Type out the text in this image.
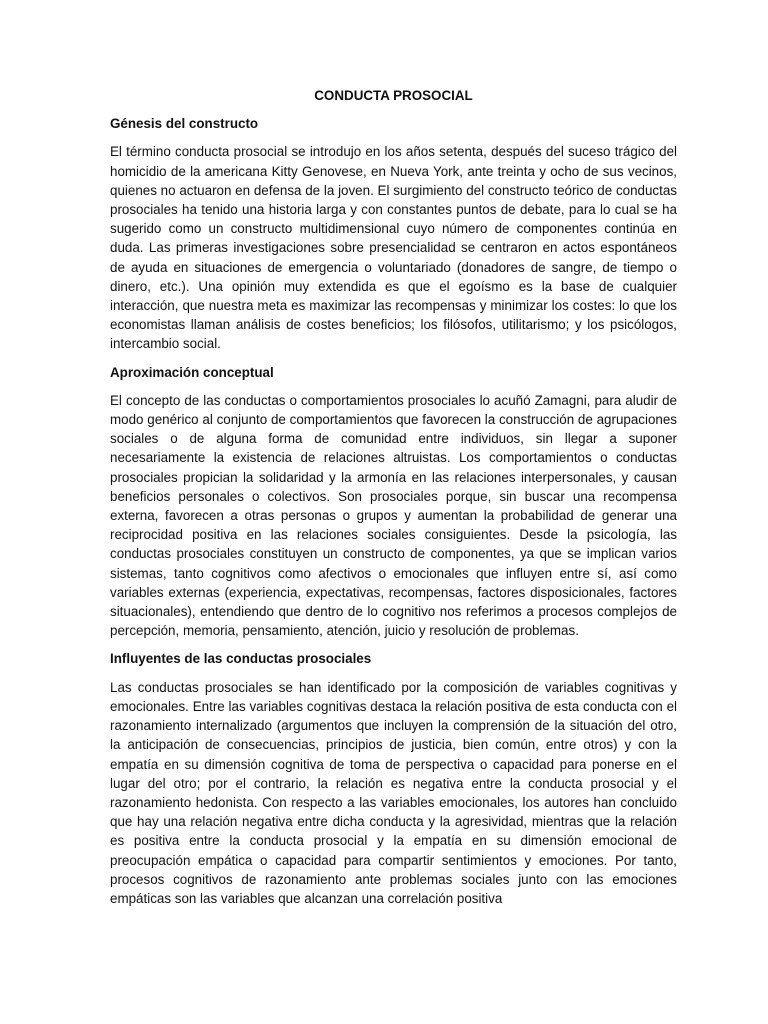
CONDUCTA PROSOCIAL
Génesis del constructo
El término conducta prosocial se introdujo en los años setenta, después del suceso trágico del homicidio de la americana Kitty Genovese, en Nueva York, ante treinta y ocho de sus vecinos, quienes no actuaron en defensa de la joven. El surgimiento del constructo teórico de conductas prosociales ha tenido una historia larga y con constantes puntos de debate, para lo cual se ha sugerido como un constructo multidimensional cuyo número de componentes continúa en duda. Las primeras investigaciones sobre presencialidad se centraron en actos espontáneos de ayuda en situaciones de emergencia o voluntariado (donadores de sangre, de tiempo o dinero, etc.). Una opinión muy extendida es que el egoísmo es la base de cualquier interacción, que nuestra meta es maximizar las recompensas y minimizar los costes: lo que los economistas llaman análisis de costes beneficios; los filósofos, utilitarismo; y los psicólogos, intercambio social.
Aproximación conceptual
El concepto de las conductas o comportamientos prosociales lo acuñó Zamagni, para aludir de modo genérico al conjunto de comportamientos que favorecen la construcción de agrupaciones sociales o de alguna forma de comunidad entre individuos, sin llegar a suponer necesariamente la existencia de relaciones altruistas. Los comportamientos o conductas prosociales propician la solidaridad y la armonía en las relaciones interpersonales, y causan beneficios personales o colectivos. Son prosociales porque, sin buscar una recompensa externa, favorecen a otras personas o grupos y aumentan la probabilidad de generar una reciprocidad positiva en las relaciones sociales consiguientes. Desde la psicología, las conductas prosociales constituyen un constructo de componentes, ya que se implican varios sistemas, tanto cognitivos como afectivos o emocionales que influyen entre sí, así como variables externas (experiencia, expectativas, recompensas, factores disposicionales, factores situacionales), entendiendo que dentro de lo cognitivo nos referimos a procesos complejos de percepción, memoria, pensamiento, atención, juicio y resolución de problemas.
Influyentes de las conductas prosociales
Las conductas prosociales se han identificado por la composición de variables cognitivas y emocionales. Entre las variables cognitivas destaca la relación positiva de esta conducta con el razonamiento internalizado (argumentos que incluyen la comprensión de la situación del otro, la anticipación de consecuencias, principios de justicia, bien común, entre otros) y con la empatía en su dimensión cognitiva de toma de perspectiva o capacidad para ponerse en el lugar del otro; por el contrario, la relación es negativa entre la conducta prosocial y el razonamiento hedonista. Con respecto a las variables emocionales, los autores han concluido que hay una relación negativa entre dicha conducta y la agresividad, mientras que la relación es positiva entre la conducta prosocial y la empatía en su dimensión emocional de preocupación empática o capacidad para compartir sentimientos y emociones. Por tanto, procesos cognitivos de razonamiento ante problemas sociales junto con las emociones empáticas son las variables que alcanzan una correlación positiva
